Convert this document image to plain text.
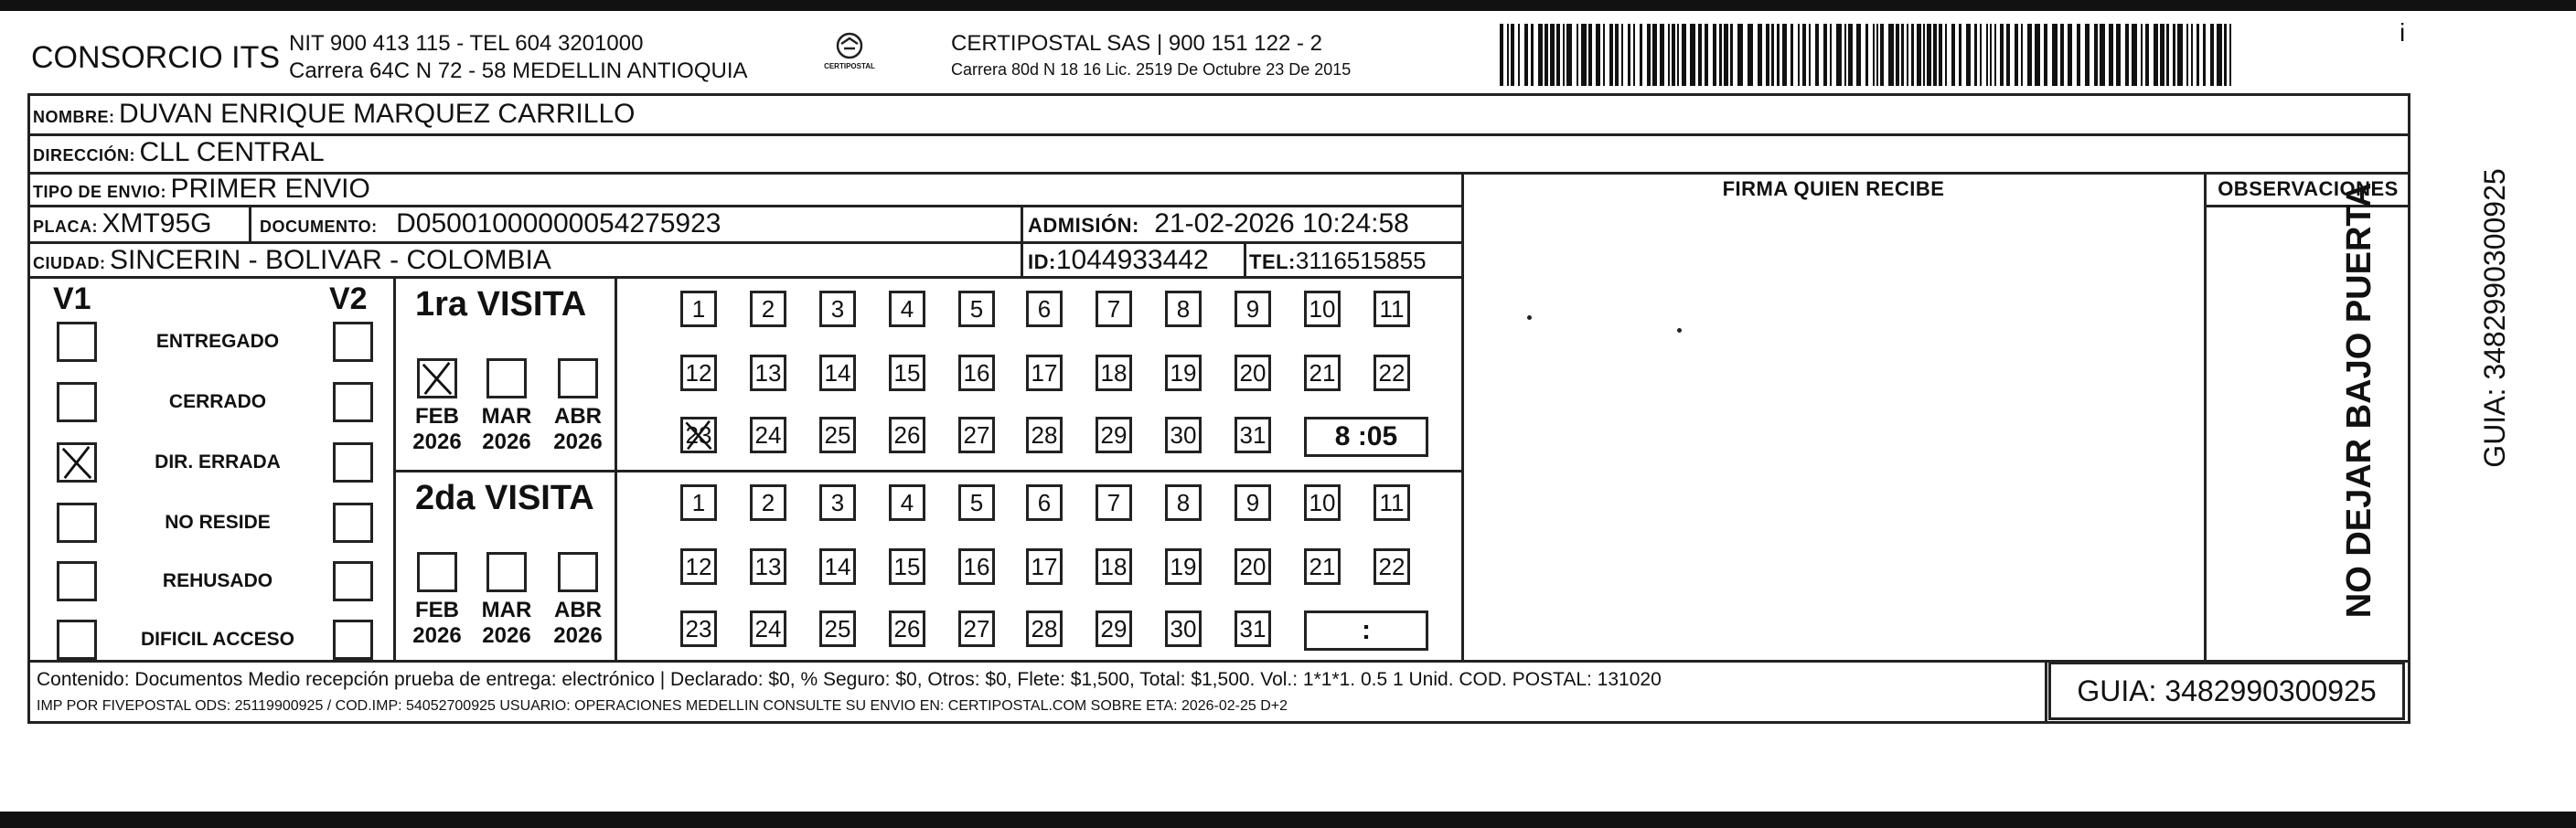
CONSORCIO ITS NIT 900 413 115 - TEL 604 3201000
Carrera 64C N 72 - 58 MEDELLIN ANTIOQUIA	CERTIPOSTAL
CERTIPOSTAL SAS | 900 151 122 - 2
Carrera 80d N 18 16 Lic. 2519 De Octubre 23 De 2015
i
NOMBRE: DUVAN ENRIQUE MARQUEZ CARRILLO
DIRECCIÓN: CLL CENTRAL
TIPO DE ENVIO: PRIMER ENVIO
PLACA: XMT95G	DOCUMENTO: D05001000000054275923	ADMISIÓN: 21-02-2026 10:24:58
CIUDAD: SINCERIN - BOLIVAR - COLOMBIA	ID:1044933442 TEL:3116515855
FIRMA QUIEN RECIBE	OBSERVACIONES
V1	V2
ENTREGADO
CERRADO
DIR. ERRADA
NO RESIDE
REHUSADO
DIFICIL ACCESO
1ra VISITA
2da VISITA
FEB
2026
MAR
2026
ABR
2026
1	2	3	4	5	6	7	8	9	10 11
12 13 14 15 16 17 18 19 20 21 22
23 24 25 26 27 28 29 30 31	8 :05
FEB
2026
MAR
2026
ABR
2026
1	2	3	4	5	6	7	8	9	10 11
12 13 14 15 16 17 18 19 20 21 22
23 24 25 26 27 28 29 30 31	:
Contenido: Documentos Medio recepción prueba de entrega: electrónico | Declarado: $0, % Seguro: $0, Otros: $0, Flete: $1,500, Total: $1,500. Vol.: 1*1*1. 0.5 1 Unid. COD. POSTAL: 131020
IMP POR FIVEPOSTAL ODS: 25119900925 / COD.IMP: 54052700925 USUARIO: OPERACIONES MEDELLIN CONSULTE SU ENVIO EN: CERTIPOSTAL.COM SOBRE ETA: 2026-02-25 D+2	GUIA: 3482990300925
NO DEJAR BAJO PUERTA	GUIA: 3482990300925
